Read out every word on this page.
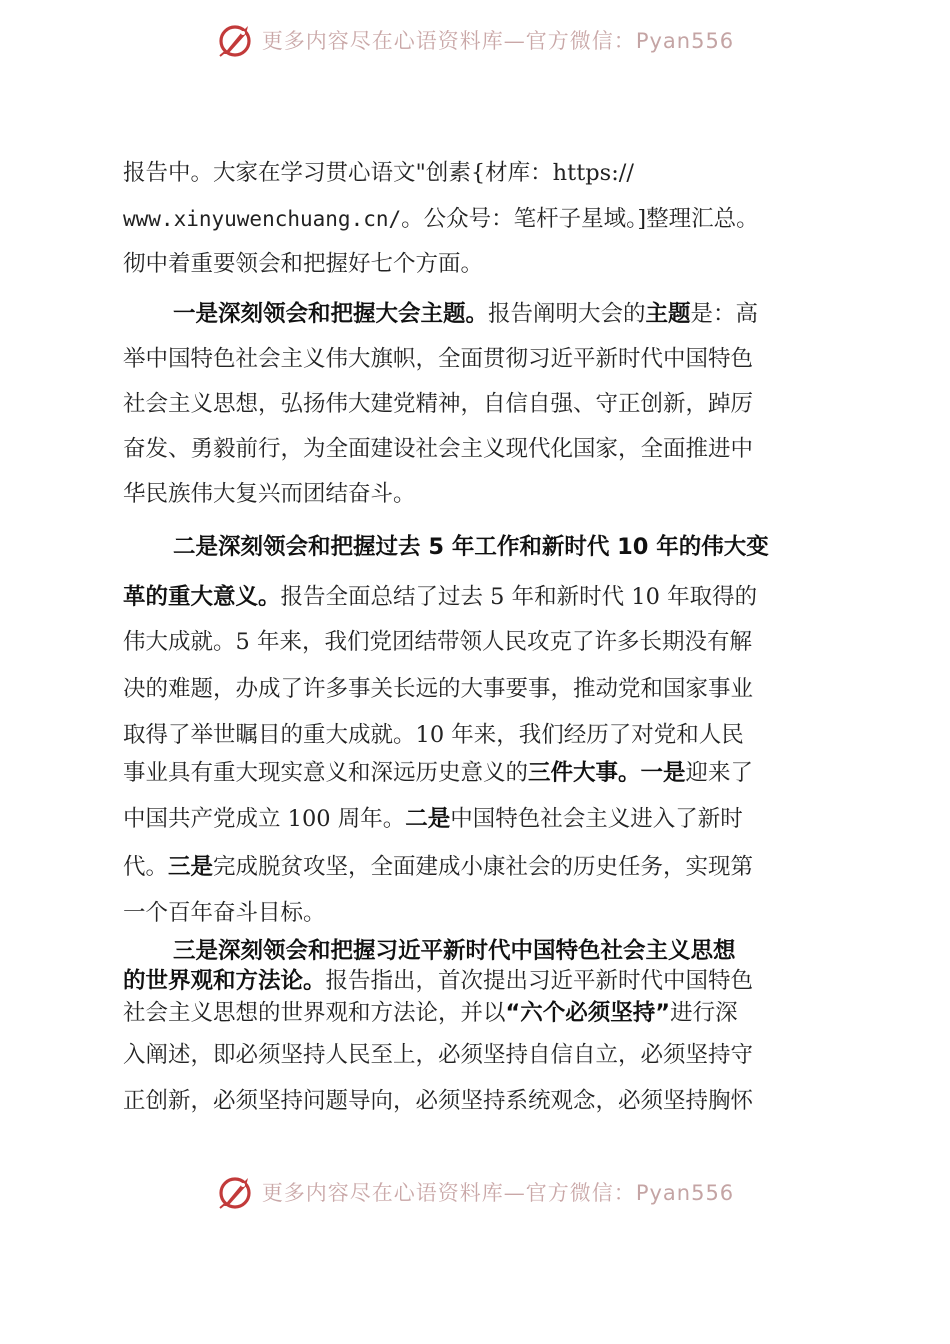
更多内容尽在心语资料库—官方微信：Pyan556
报告中。大家在学习贯心语文"创素{材库：https://
www.xinyuwenchuang.cn/。公众号：笔杆子星域。]整理汇总。
彻中着重要领会和把握好七个方面。
一是深刻领会和把握大会主题。报告阐明大会的主题是：高
举中国特色社会主义伟大旗帜，全面贯彻习近平新时代中国特色
社会主义思想，弘扬伟大建党精神，自信自强、守正创新，踔厉
奋发、勇毅前行，为全面建设社会主义现代化国家，全面推进中
华民族伟大复兴而团结奋斗。
二是深刻领会和把握过去 5 年工作和新时代 10 年的伟大变
革的重大意义。报告全面总结了过去 5 年和新时代 10 年取得的
伟大成就。5 年来，我们党团结带领人民攻克了许多长期没有解
决的难题，办成了许多事关长远的大事要事，推动党和国家事业
取得了举世瞩目的重大成就。10 年来，我们经历了对党和人民
事业具有重大现实意义和深远历史意义的三件大事。一是迎来了
中国共产党成立 100 周年。二是中国特色社会主义进入了新时
代。三是完成脱贫攻坚，全面建成小康社会的历史任务，实现第
一个百年奋斗目标。
三是深刻领会和把握习近平新时代中国特色社会主义思想
的世界观和方法论。报告指出，首次提出习近平新时代中国特色
社会主义思想的世界观和方法论，并以“六个必须坚持”进行深
入阐述，即必须坚持人民至上，必须坚持自信自立，必须坚持守
正创新，必须坚持问题导向，必须坚持系统观念，必须坚持胸怀
更多内容尽在心语资料库—官方微信：Pyan556
